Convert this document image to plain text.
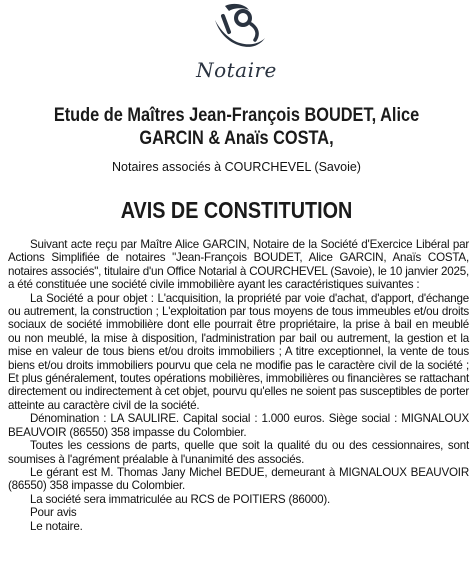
Notaire
Etude de Maîtres Jean-François BOUDET, Alice GARCIN & Anaïs COSTA,
Notaires associés à COURCHEVEL (Savoie)
AVIS DE CONSTITUTION

Suivant acte reçu par Maître Alice GARCIN, Notaire de la Société d'Exercice Libéral par Actions Simplifiée de notaires "Jean-François BOUDET, Alice GARCIN, Anaïs COSTA, notaires associés", titulaire d'un Office Notarial à COURCHEVEL (Savoie), le 10 janvier 2025, a été constituée une société civile immobilière ayant les caractéristiques suivantes :

La Société a pour objet : L'acquisition, la propriété par voie d'achat, d'apport, d'échange ou autrement, la construction ; L'exploitation par tous moyens de tous immeubles et/ou droits sociaux de société immobilière dont elle pourrait être propriétaire, la prise à bail en meublé ou non meublé, la mise à disposition, l'administration par bail ou autrement, la gestion et la mise en valeur de tous biens et/ou droits immobiliers ; A titre exceptionnel, la vente de tous biens et/ou droits immobiliers pourvu que cela ne modifie pas le caractère civil de la société ; Et plus généralement, toutes opérations mobilières, immobilières ou financières se rattachant directement ou indirectement à cet objet, pourvu qu'elles ne soient pas susceptibles de porter atteinte au caractère civil de la société.

Dénomination : LA SAULIRE. Capital social : 1.000 euros. Siège social : MIGNALOUX BEAUVOIR (86550) 358 impasse du Colombier.

Toutes les cessions de parts, quelle que soit la qualité du ou des cessionnaires, sont soumises à l'agrément préalable à l'unanimité des associés.

Le gérant est M. Thomas Jany Michel BEDUE, demeurant à MIGNALOUX BEAUVOIR (86550) 358 impasse du Colombier.

La société sera immatriculée au RCS de POITIERS (86000).

Pour avis

Le notaire.
